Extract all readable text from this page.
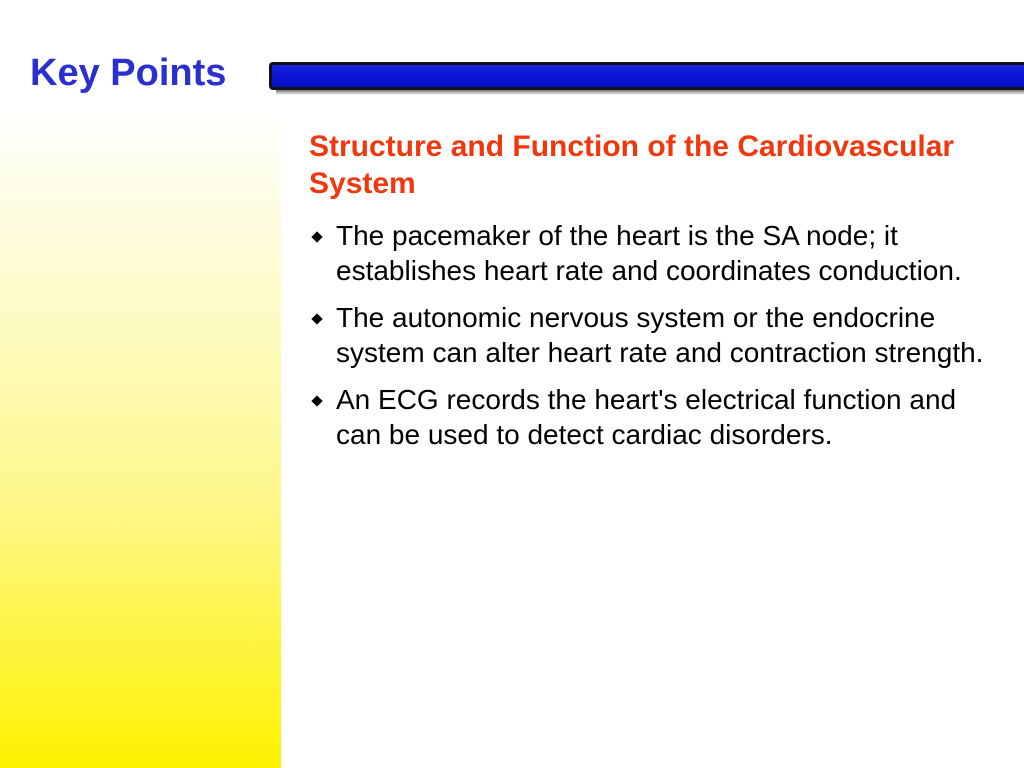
Key Points
Structure and Function of the Cardiovascular System
The pacemaker of the heart is the SA node; it establishes heart rate and coordinates conduction.
The autonomic nervous system or the endocrine system can alter heart rate and contraction strength.
An ECG records the heart's electrical function and can be used to detect cardiac disorders.
